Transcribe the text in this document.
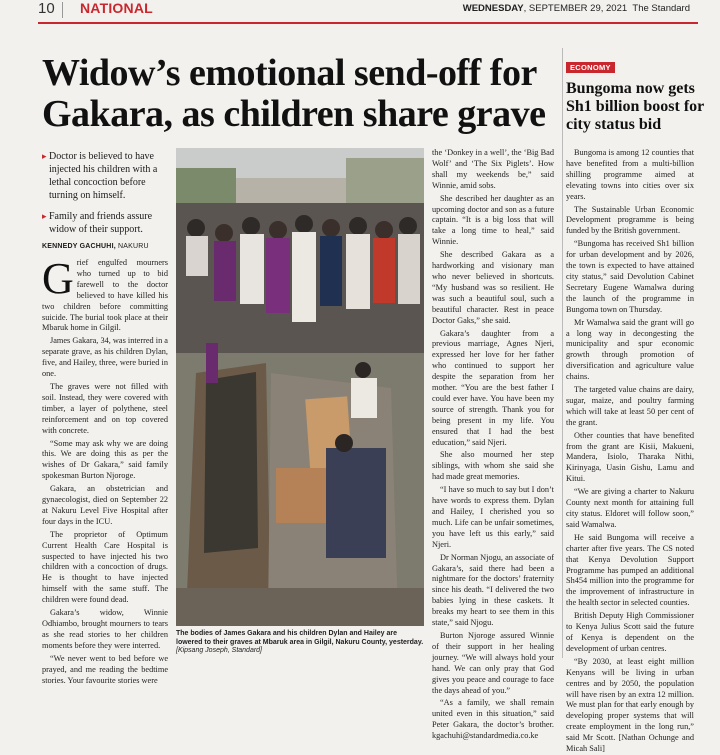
10 NATIONAL	WEDNESDAY, SEPTEMBER 29, 2021 The Standard
Widow’s emotional send-off for Gakara, as children share grave
▸ Doctor is believed to have injected his children with a lethal concoction before turning on himself.
▸ Family and friends assure widow of their support.
KENNEDY GACHUHI, NAKURU

Grief engulfed mourners who turned up to bid farewell to the doctor believed to have killed his two children before committing suicide. The burial took place at their Mbaruk home in Gilgil.

James Gakara, 34, was interred in a separate grave, as his children Dylan, five, and Hailey, three, were buried in one.

The graves were not filled with soil. Instead, they were covered with timber, a layer of polythene, steel reinforcement and on top covered with concrete.

“Some may ask why we are doing this. We are doing this as per the wishes of Dr Gakara,” said family spokesman Burton Njoroge.

Gakara, an obstetrician and gynaecologist, died on September 22 at Nakuru Level Five Hospital after four days in the ICU.

The proprietor of Optimum Current Health Care Hospital is suspected to have injected his two children with a concoction of drugs. He is thought to have injected himself with the same stuff. The children were found dead.

Gakara’s widow, Winnie Odhiambo, brought mourners to tears as she read stories to her children moments before they were interred.

“We never went to bed before we prayed, and me reading the bedtime stories. Your favourite stories were

The bodies of James Gakara and his children Dylan and Hailey are lowered to their graves at Mbaruk area in Gilgil, Nakuru County, yesterday. [Kipsang Joseph, Standard]

the ‘Donkey in a well’, the ‘Big Bad Wolf’ and ‘The Six Piglets’. How shall my weekends be,” said Winnie, amid sobs.

She described her daughter as an upcoming doctor and son as a future captain. “It is a big loss that will take a long time to heal,” said Winnie.

She described Gakara as a hardworking and visionary man who never believed in shortcuts. “My husband was so resilient. He was such a beautiful soul, such a beautiful character. Rest in peace Doctor Gaks,” she said.

Gakara’s daughter from a previous marriage, Agnes Njeri, expressed her love for her father who continued to support her despite the separation from her mother. “You are the best father I could ever have. You have been my source of strength. Thank you for being present in my life. You ensured that I had the best education,” said Njeri.

She also mourned her step siblings, with whom she said she had made great memories.

“I have so much to say but I don’t have words to express them. Dylan and Hailey, I cherished you so much. Life can be unfair sometimes, you have left us this early,” said Njeri.

Dr Norman Njogu, an associate of Gakara’s, said there had been a nightmare for the doctors’ fraternity since his death. “I delivered the two babies lying in these caskets. It breaks my heart to see them in this state,” said Njogu.

Burton Njoroge assured Winnie of their support in her healing journey. “We will always hold your hand. We can only pray that God gives you peace and courage to face the days ahead of you.”

“As a family, we shall remain united even in this situation,” said Peter Gakara, the doctor’s brother. kgachuhi@standardmedia.co.ke

ECONOMY
Bungoma now gets Sh1 billion boost for city status bid

Bungoma is among 12 counties that have benefited from a multi-billion shilling programme aimed at elevating towns into cities over six years.

The Sustainable Urban Economic Development programme is being funded by the British government.

“Bungoma has received Sh1 billion for urban development and by 2026, the town is expected to have attained city status,” said Devolution Cabinet Secretary Eugene Wamalwa during the launch of the programme in Bungoma town on Thursday.

Mr Wamalwa said the grant will go a long way in decongesting the municipality and spur economic growth through promotion of diversification and agriculture value chains.

The targeted value chains are dairy, sugar, maize, and poultry farming which will take at least 50 per cent of the grant.

Other counties that have benefited from the grant are Kisii, Makueni, Mandera, Isiolo, Tharaka Nithi, Kirinyaga, Uasin Gishu, Lamu and Kitui.

“We are giving a charter to Nakuru County next month for attaining full city status. Eldoret will follow soon,” said Wamalwa.

He said Bungoma will receive a charter after five years. The CS noted that Kenya Devolution Support Programme has pumped an additional Sh454 million into the programme for the improvement of infrastructure in the health sector in selected counties.

British Deputy High Commissioner to Kenya Julius Scott said the future of Kenya is dependent on the development of urban centres.

“By 2030, at least eight million Kenyans will be living in urban centres and by 2050, the population will have risen by an extra 12 million. We must plan for that early enough by developing proper systems that will create employment in the long run,” said Mr Scott. [Nathan Ochunge and Micah Sali]
